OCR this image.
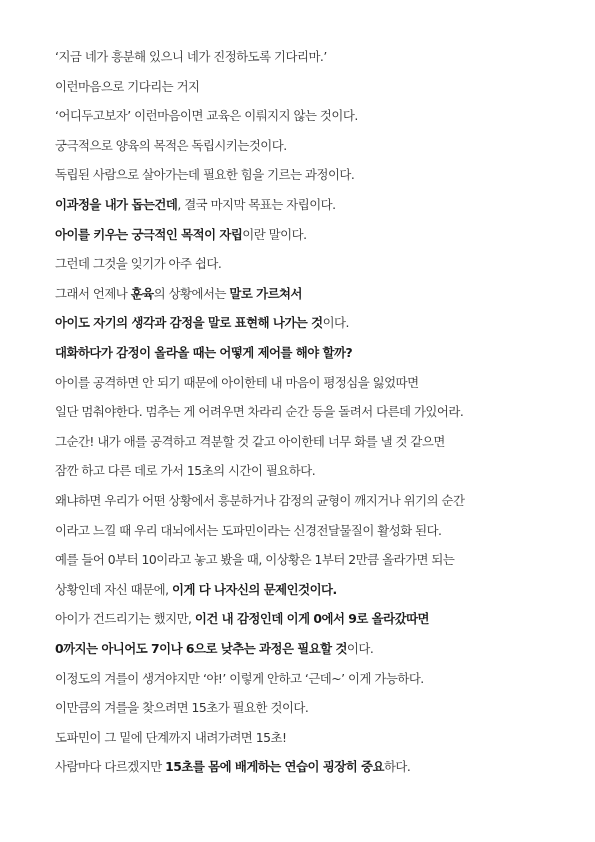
‘지금 네가 흥분해 있으니 네가 진정하도록 기다리마.’
이런마음으로 기다리는 거지
‘어디두고보자’ 이런마음이면 교육은 이뤄지지 않는 것이다.
궁극적으로 양육의 목적은 독립시키는것이다.
독립된 사람으로 살아가는데 필요한 힘을 기르는 과정이다.
이과정을 내가 돕는건데, 결국 마지막 목표는 자립이다.
아이를 키우는 궁극적인 목적이 자립이란 말이다.
그런데 그것을 잊기가 아주 쉽다.
그래서 언제나 훈육의 상황에서는 말로 가르쳐서
아이도 자기의 생각과 감정을 말로 표현해 나가는 것이다.
대화하다가 감정이 올라올 때는 어떻게 제어를 해야 할까?
아이를 공격하면 안 되기 때문에 아이한테 내 마음이 평정심을 잃었따면
일단 멈춰야한다. 멈추는 게 어려우면 차라리 순간 등을 돌려서 다른데 가있어라.
그순간! 내가 애를 공격하고 격분할 것 같고 아이한테 너무 화를 낼 것 같으면
잠깐 하고 다른 데로 가서 15초의 시간이 필요하다.
왜냐하면 우리가 어떤 상황에서 흥분하거나 감정의 균형이 깨지거나 위기의 순간
이라고 느낄 때 우리 대뇌에서는 도파민이라는 신경전달물질이 활성화 된다.
예를 들어 0부터 10이라고 놓고 봤을 때, 이상황은 1부터 2만큼 올라가면 되는
상황인데 자신 때문에, 이게 다 나자신의 문제인것이다.
아이가 건드리기는 했지만, 이건 내 감정인데 이게 0에서 9로 올라갔따면
0까지는 아니어도 7이나 6으로 낮추는 과정은 필요할 것이다.
이정도의 겨를이 생겨야지만 ‘야!’ 이렇게 안하고 ‘근데~’ 이게 가능하다.
이만큼의 겨를을 찾으려면 15초가 필요한 것이다.
도파민이 그 밑에 단계까지 내려가려면 15초!
사람마다 다르겠지만 15초를 몸에 배게하는 연습이 굉장히 중요하다.
